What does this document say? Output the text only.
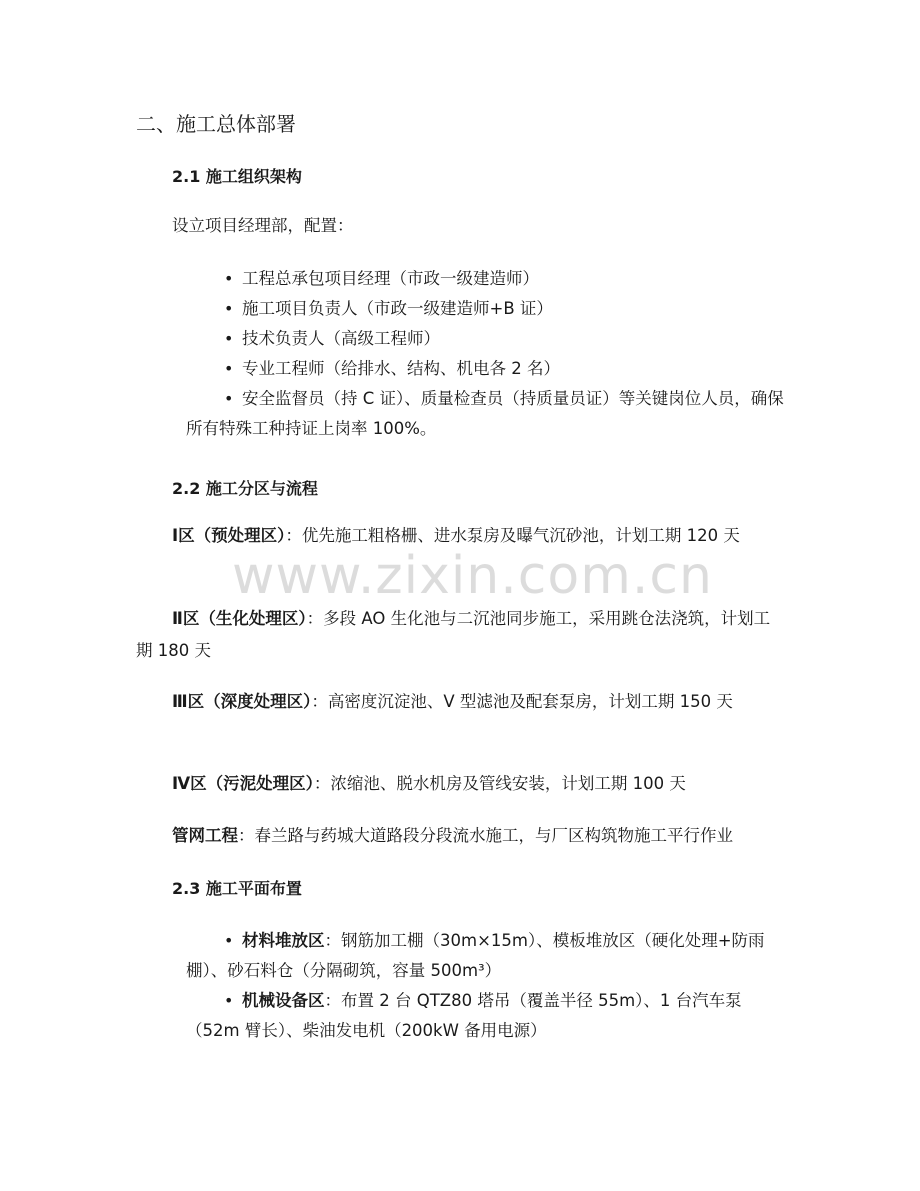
二、施工总体部署
2.1 施工组织架构
设立项目经理部，配置：
• 工程总承包项目经理（市政一级建造师）
• 施工项目负责人（市政一级建造师+B 证）
• 技术负责人（高级工程师）
• 专业工程师（给排水、结构、机电各 2 名）
• 安全监督员（持 C 证）、质量检查员（持质量员证）等关键岗位人员，确保所有特殊工种持证上岗率 100%。
2.2 施工分区与流程
Ⅰ区（预处理区）：优先施工粗格栅、进水泵房及曝气沉砂池，计划工期 120 天
Ⅱ区（生化处理区）：多段 AO 生化池与二沉池同步施工，采用跳仓法浇筑，计划工期 180 天
Ⅲ区（深度处理区）：高密度沉淀池、V 型滤池及配套泵房，计划工期 150 天
Ⅳ区（污泥处理区）：浓缩池、脱水机房及管线安装，计划工期 100 天
管网工程：春兰路与药城大道路段分段流水施工，与厂区构筑物施工平行作业
2.3 施工平面布置
• 材料堆放区：钢筋加工棚（30m×15m）、模板堆放区（硬化处理+防雨棚）、砂石料仓（分隔砌筑，容量 500m³）
• 机械设备区：布置 2 台 QTZ80 塔吊（覆盖半径 55m）、1 台汽车泵（52m 臂长）、柴油发电机（200kW 备用电源）
www.zixin.com.cn
